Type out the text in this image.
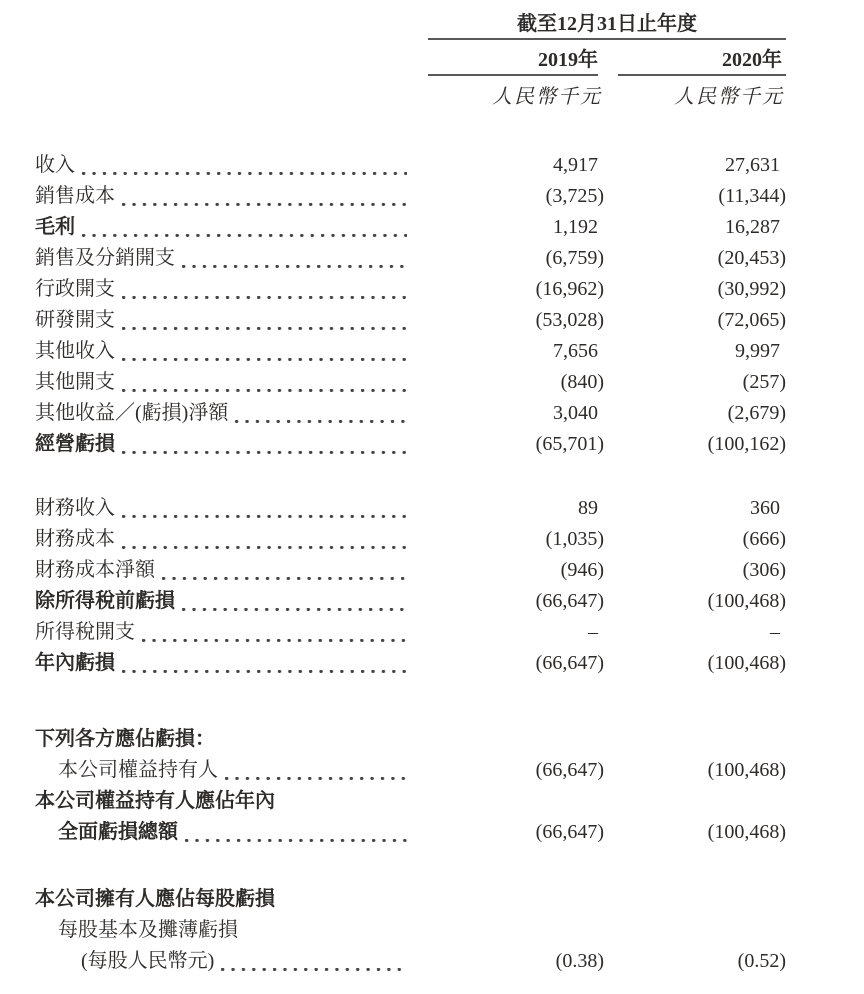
截至12月31日止年度
2019年	2020年
人民幣千元	人民幣千元
收入	4,917	27,631
銷售成本	(3,725)	(11,344)
毛利	1,192	16,287
銷售及分銷開支	(6,759)	(20,453)
行政開支	(16,962)	(30,992)
研發開支	(53,028)	(72,065)
其他收入	7,656	9,997
其他開支	(840)	(257)
其他收益／(虧損)淨額	3,040	(2,679)
經營虧損	(65,701)	(100,162)
財務收入	89	360
財務成本	(1,035)	(666)
財務成本淨額	(946)	(306)
除所得稅前虧損	(66,647)	(100,468)
所得稅開支	–	–
年內虧損	(66,647)	(100,468)
下列各方應佔虧損：
本公司權益持有人	(66,647)	(100,468)
本公司權益持有人應佔年內
全面虧損總額	(66,647)	(100,468)
本公司擁有人應佔每股虧損
每股基本及攤薄虧損
(每股人民幣元)	(0.38)	(0.52)
